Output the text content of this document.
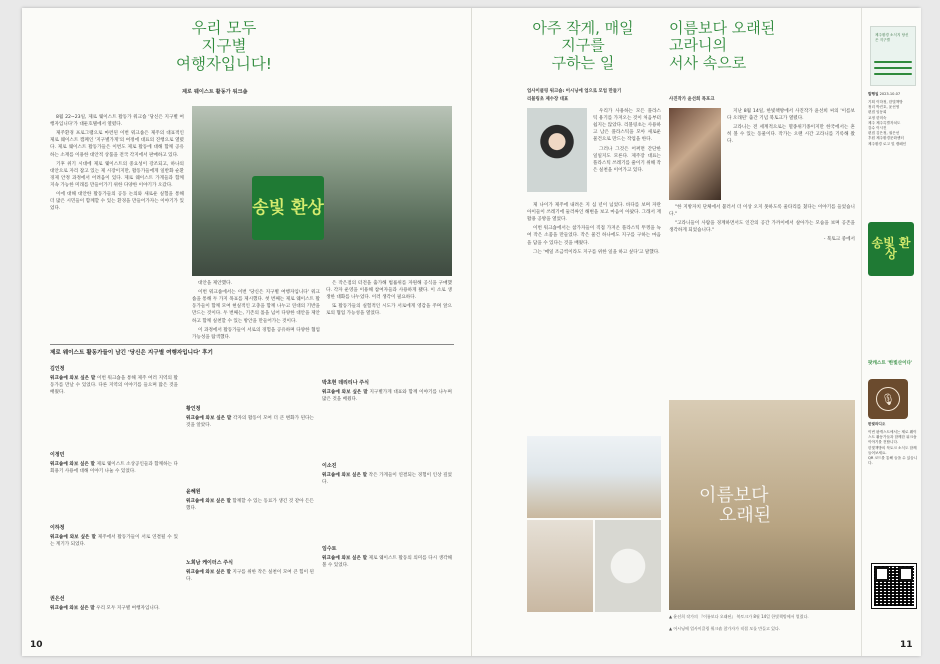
우리 모두
지구별
여행자입니다!
제로 웨이스트 활동가 워크숍

8월 22~23일, 제로 웨이스트 활동가 워크숍 '당신은 지구별 여행자입니다'가 대둔호텔에서 열렸다.

제주환경 프로그램으로 마련된 이번 워크숍은 제주의 대표적인 제로 웨이스트 캠페인 '지구별가게'의 여정에 대표의 진행으로 열렸다. 제로 웨이스트 활동가들은 이번도 제로 활동에 대해 함께 공유하는 소재를 이용한 대안적 상품을 전국 각지에서 판매하고 있다.

기후 위기 시대에 제로 웨이스트의 중요성이 강조되고, 하나의 대안으로 자리 잡고 있는 제 시장이지만, 활동가들에게 일반화 순환경제 안정 과정에서 어려움이 있다. 제로 웨이스트 가게들과 함께 지속 가능한 미래를 만들어가기 위한 다양한 이야기가 오갔다.

이에 대해 대안한 활동가들의 공동 논의와 새로운 실험을 통해 더 많은 시민들이 함께할 수 있는 환경을 만들어가자는 이야기가 있었다.	송빛 환상

대안을 제안했다.

이번 워크숍에서는 이번 '당신은 지구별 여행자입니다' 워크숍을 통해 두 가지 목표를 제시했다. 첫 번째는 제로 웨이스트 활동가들이 함께 모여 현실적인 고충을 함께 나누고 연대의 기반을 만드는 것이다. 두 번째는, 기존의 틀을 넘어 다양한 대안을 제안하고 함께 실천할 수 있는 방안을 만들어가는 것이다.

이 과정에서 활동가들이 서로의 경험을 공유하며 다양한 협업 가능성을 탐색했다.

은 작은점의 터전을 출가해 법률위를 자원해 공식을 구매했다. 각자 운영을 이용해 참여자들과 사용하게 됐다. 이 소로 생생한 대화를 나누었다. 이러 생각이 필요하다.

또 활동가들의 실험적인 시도가 서로에게 영감을 주며 앞으로의 협업 가능성을 열었다.

제로 웨이스트 활동가들이 남긴 '당신은 지구별 여행자입니다' 후기
김인정

워크숍에 와보 싶은 말 이번 워크숍을 통해 제주 여러 지역의 활동가를 만날 수 있었다. 다른 지역의 이야기를 들으며 많은 것을 배웠다.

이정민

워크숍에 와보 싶은 말 제로 웨이스트 소상공인들과 함께하는 다회용기 사용에 대해 이야기 나눌 수 있었다.

이하정

워크숍에 와보 싶은 말 제주에서 활동가들이 서로 연결될 수 있는 계기가 되었다.

권은선

워크숍에 와보 싶은 말 우리 모두 지구별 여행자입니다.

황인정

워크숍에 와보 싶은 말 각자의 활동이 모여 더 큰 변화가 된다는 것을 알았다.

윤혜원

워크숍에 와보 싶은 말 함께할 수 있는 동료가 생긴 것 같아 든든했다.

노희남 케이터스 주식

워크숍에 와보 싶은 말 지구를 위한 작은 실천이 모여 큰 힘이 된다.

박초현 데리티나 주식

워크숍에 와보 싶은 말 지구별가게 대표와 함께 이야기를 나누며 많은 것을 배웠다.

이소진

워크숍에 와보 싶은 말 작은 가게들이 연결되는 경험이 인상 깊었다.

임수토

워크숍에 와보 싶은 말 제로 웨이스트 활동의 의미를 다시 생각해 볼 수 있었다.

10
아주 작게, 매일
지구를
구하는 일
업사이클링 워크숍: 어시닝에 업으로 모업 만들기
리블링초 제수장 대표

우리가 사용하는 모든 플라스틱 용기를 가져오는 것이 처음부터 쉽지는 않았다. 리블링초는 사용하고 남은 플라스틱을 모아 새로운 물건으로 만드는 작업을 한다.

그러나 그것은 어쩌면 간단한 일일지도 모른다. 제주장 대표는 플라스틱 쓰레기를 줄이기 위해 작은 실천을 이어가고 있다.

제 나이가 제주에 내려온 지 십 년이 넘었다. 바다를 보며 자란 아이들이 쓰레기에 둘러싸인 해변을 보고 마음이 아팠다. 그래서 재활용 공방을 열었다.

이번 워크숍에서는 참가자들이 직접 가져온 플라스틱 뚜껑을 녹여 작은 소품을 만들었다. 작은 물건 하나에도 지구를 구하는 마음을 담을 수 있다는 것을 배웠다.

그는 '매일 조금씩이라도 지구를 위한 일을 하고 싶다'고 말했다.

이름보다 오래된
고라니의
서사 속으로
사진작가 윤선희 목포크

지난 8월 14일, 한빛책방에서 사진작가 윤선희 씨의 '이름보다 오래된' 출간 기념 북토크가 열렸다.

고라니는 전 세계적으로는 멸종위기종이지만 한국에서는 흔히 볼 수 있는 동물이다. 작가는 오랜 시간 고라니를 기록해 왔다.

"한 지방자치 단체에서 불러서 더 이상 오지 못하도록 울타리를 쳤다는 이야기를 들었습니다."

"고라니들이 사람을 경계하면서도 인간의 공간 가까이에서 살아가는 모습을 보며 공존을 생각하게 되었습니다."

- 북토크 중에서

이름보다
오래된
▲ 윤선희 작가의 『이름보다 오래된』 북토크가 8월 14일 한빛책방에서 열렸다.
▲ 어시닝에 업사이클링 워크숍 참가자가 직접 모를 만들고 있다.
제주환경 소식지 당신은 지구별
발행일 2023.10.07
기획 이하정, 한빛책방
정리 박진호, 윤선영
편집 임동희
교정 한미숙
제주 제주특별자치도
감수 이시진
편집 김은정, 권은선
후원 제주환경문화센터
제주환경 로고 및 캠페인
송빛 환상
팟캐스트 '한빛산이다'
🎙
한빛라디오
이번 팟캐스트에서는 제로 웨이스트 활동가들과 함께한 워크숍 이야기를 전합니다.
한빛책방의 북토크 소식도 함께 들어보세요.
QR 코드를 통해 들을 수 있습니다.
11
